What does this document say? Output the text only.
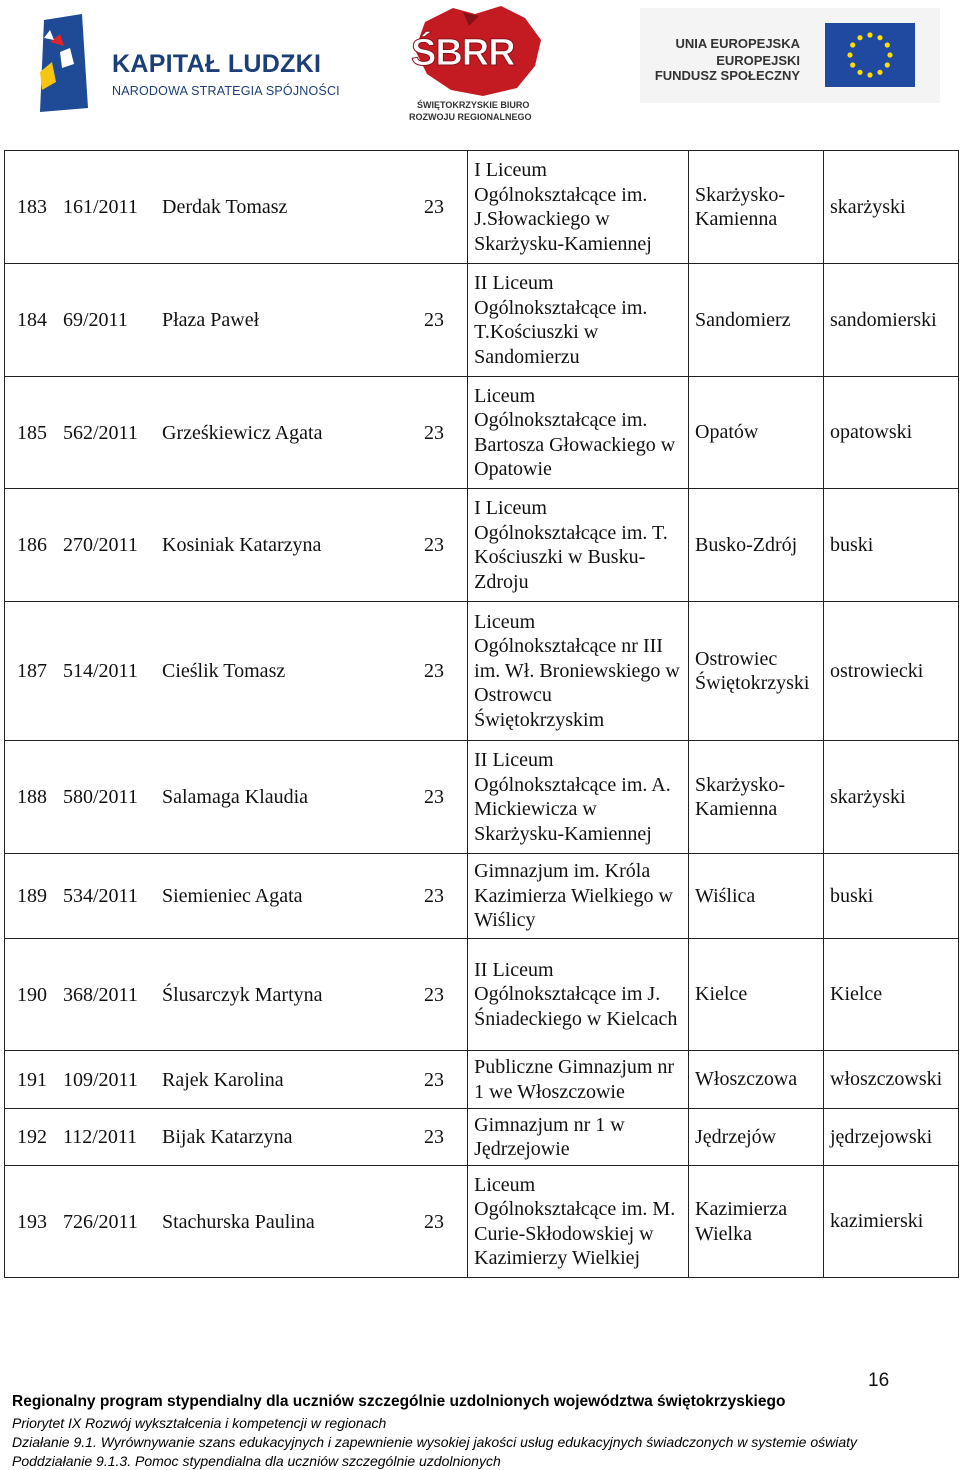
KAPITAŁ LUDZKI
NARODOWA STRATEGIA SPÓJNOŚCI
ŚBRR
ŚWIĘTOKRZYSKIE BIURO
ROZWOJU REGIONALNEGO
UNIA EUROPEJSKA
EUROPEJSKI
FUNDUSZ SPOŁECZNY
183 161/2011 Derdak Tomasz 23	I Liceum Ogólnokształcące im. J.Słowackiego w Skarżysku-Kamiennej	Skarżysko-Kamienna	skarżyski

184 69/2011 Płaza Paweł 23	II Liceum Ogólnokształcące im. T.Kościuszki w Sandomierzu	Sandomierz	sandomierski

185 562/2011 Grześkiewicz Agata 23	Liceum Ogólnokształcące im. Bartosza Głowackiego w Opatowie	Opatów	opatowski

186 270/2011 Kosiniak Katarzyna 23	I Liceum Ogólnokształcące im. T. Kościuszki w Busku-Zdroju	Busko-Zdrój	buski

187 514/2011 Cieślik Tomasz 23	Liceum Ogólnokształcące nr III im. Wł. Broniewskiego w Ostrowcu Świętokrzyskim	Ostrowiec Świętokrzyski	ostrowiecki

188 580/2011 Salamaga Klaudia 23	II Liceum Ogólnokształcące im. A. Mickiewicza w Skarżysku-Kamiennej	Skarżysko-Kamienna	skarżyski

189 534/2011 Siemieniec Agata 23	Gimnazjum im. Króla Kazimierza Wielkiego w Wiślicy	Wiślica	buski

190 368/2011 Ślusarczyk Martyna 23	II Liceum Ogólnokształcące im J. Śniadeckiego w Kielcach	Kielce	Kielce

191 109/2011 Rajek Karolina 23	Publiczne Gimnazjum nr 1 we Włoszczowie	Włoszczowa	włoszczowski

192 112/2011 Bijak Katarzyna 23	Gimnazjum nr 1 w Jędrzejowie	Jędrzejów	jędrzejowski

193 726/2011 Stachurska Paulina 23	Liceum Ogólnokształcące im. M. Curie-Skłodowskiej w Kazimierzy Wielkiej	Kazimierza Wielka	kazimierski
16
Regionalny program stypendialny dla uczniów szczególnie uzdolnionych województwa świętokrzyskiego
Priorytet IX Rozwój wykształcenia i kompetencji w regionach
Działanie 9.1. Wyrównywanie szans edukacyjnych i zapewnienie wysokiej jakości usług edukacyjnych świadczonych w systemie oświaty
Poddziałanie 9.1.3. Pomoc stypendialna dla uczniów szczególnie uzdolnionych
